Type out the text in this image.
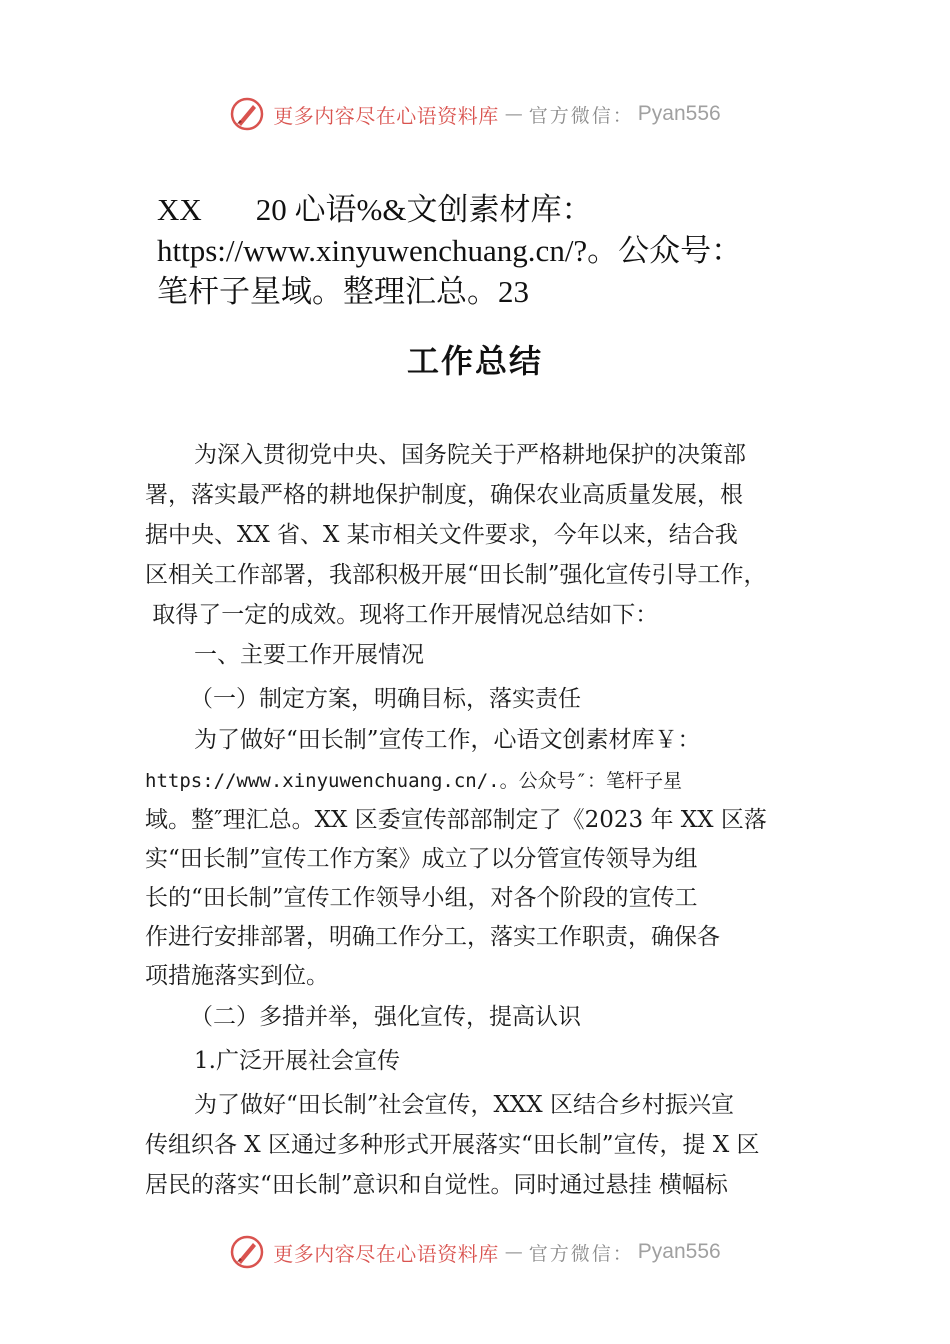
更多内容尽在心语资料库 — 官方微信： Pyan556
XX 20 心语%&文创素材库：
https://www.xinyuwenchuang.cn/?。公众号：
笔杆子星域。整理汇总。23
工作总结
为深入贯彻党中央、国务院关于严格耕地保护的决策部
署，落实最严格的耕地保护制度，确保农业高质量发展，根
据中央、XX 省、X 某市相关文件要求，今年以来，结合我
区相关工作部署，我部积极开展“田长制”强化宣传引导工作，
取得了一定的成效。现将工作开展情况总结如下：
一、主要工作开展情况
（一）制定方案，明确目标，落实责任
为了做好“田长制”宣传工作，心语文创素材库￥：
https://www.xinyuwenchuang.cn/.。公众号″：笔杆子星
域。整″理汇总。XX 区委宣传部部制定了《2023 年 XX 区落
实“田长制”宣传工作方案》成立了以分管宣传领导为组
长的“田长制”宣传工作领导小组，对各个阶段的宣传工
作进行安排部署，明确工作分工，落实工作职责，确保各
项措施落实到位。
（二）多措并举，强化宣传，提高认识
1.广泛开展社会宣传
为了做好“田长制”社会宣传，XXX 区结合乡村振兴宣
传组织各 X 区通过多种形式开展落实“田长制”宣传，提 X 区
居民的落实“田长制”意识和自觉性。同时通过悬挂 横幅标
更多内容尽在心语资料库 — 官方微信： Pyan556
